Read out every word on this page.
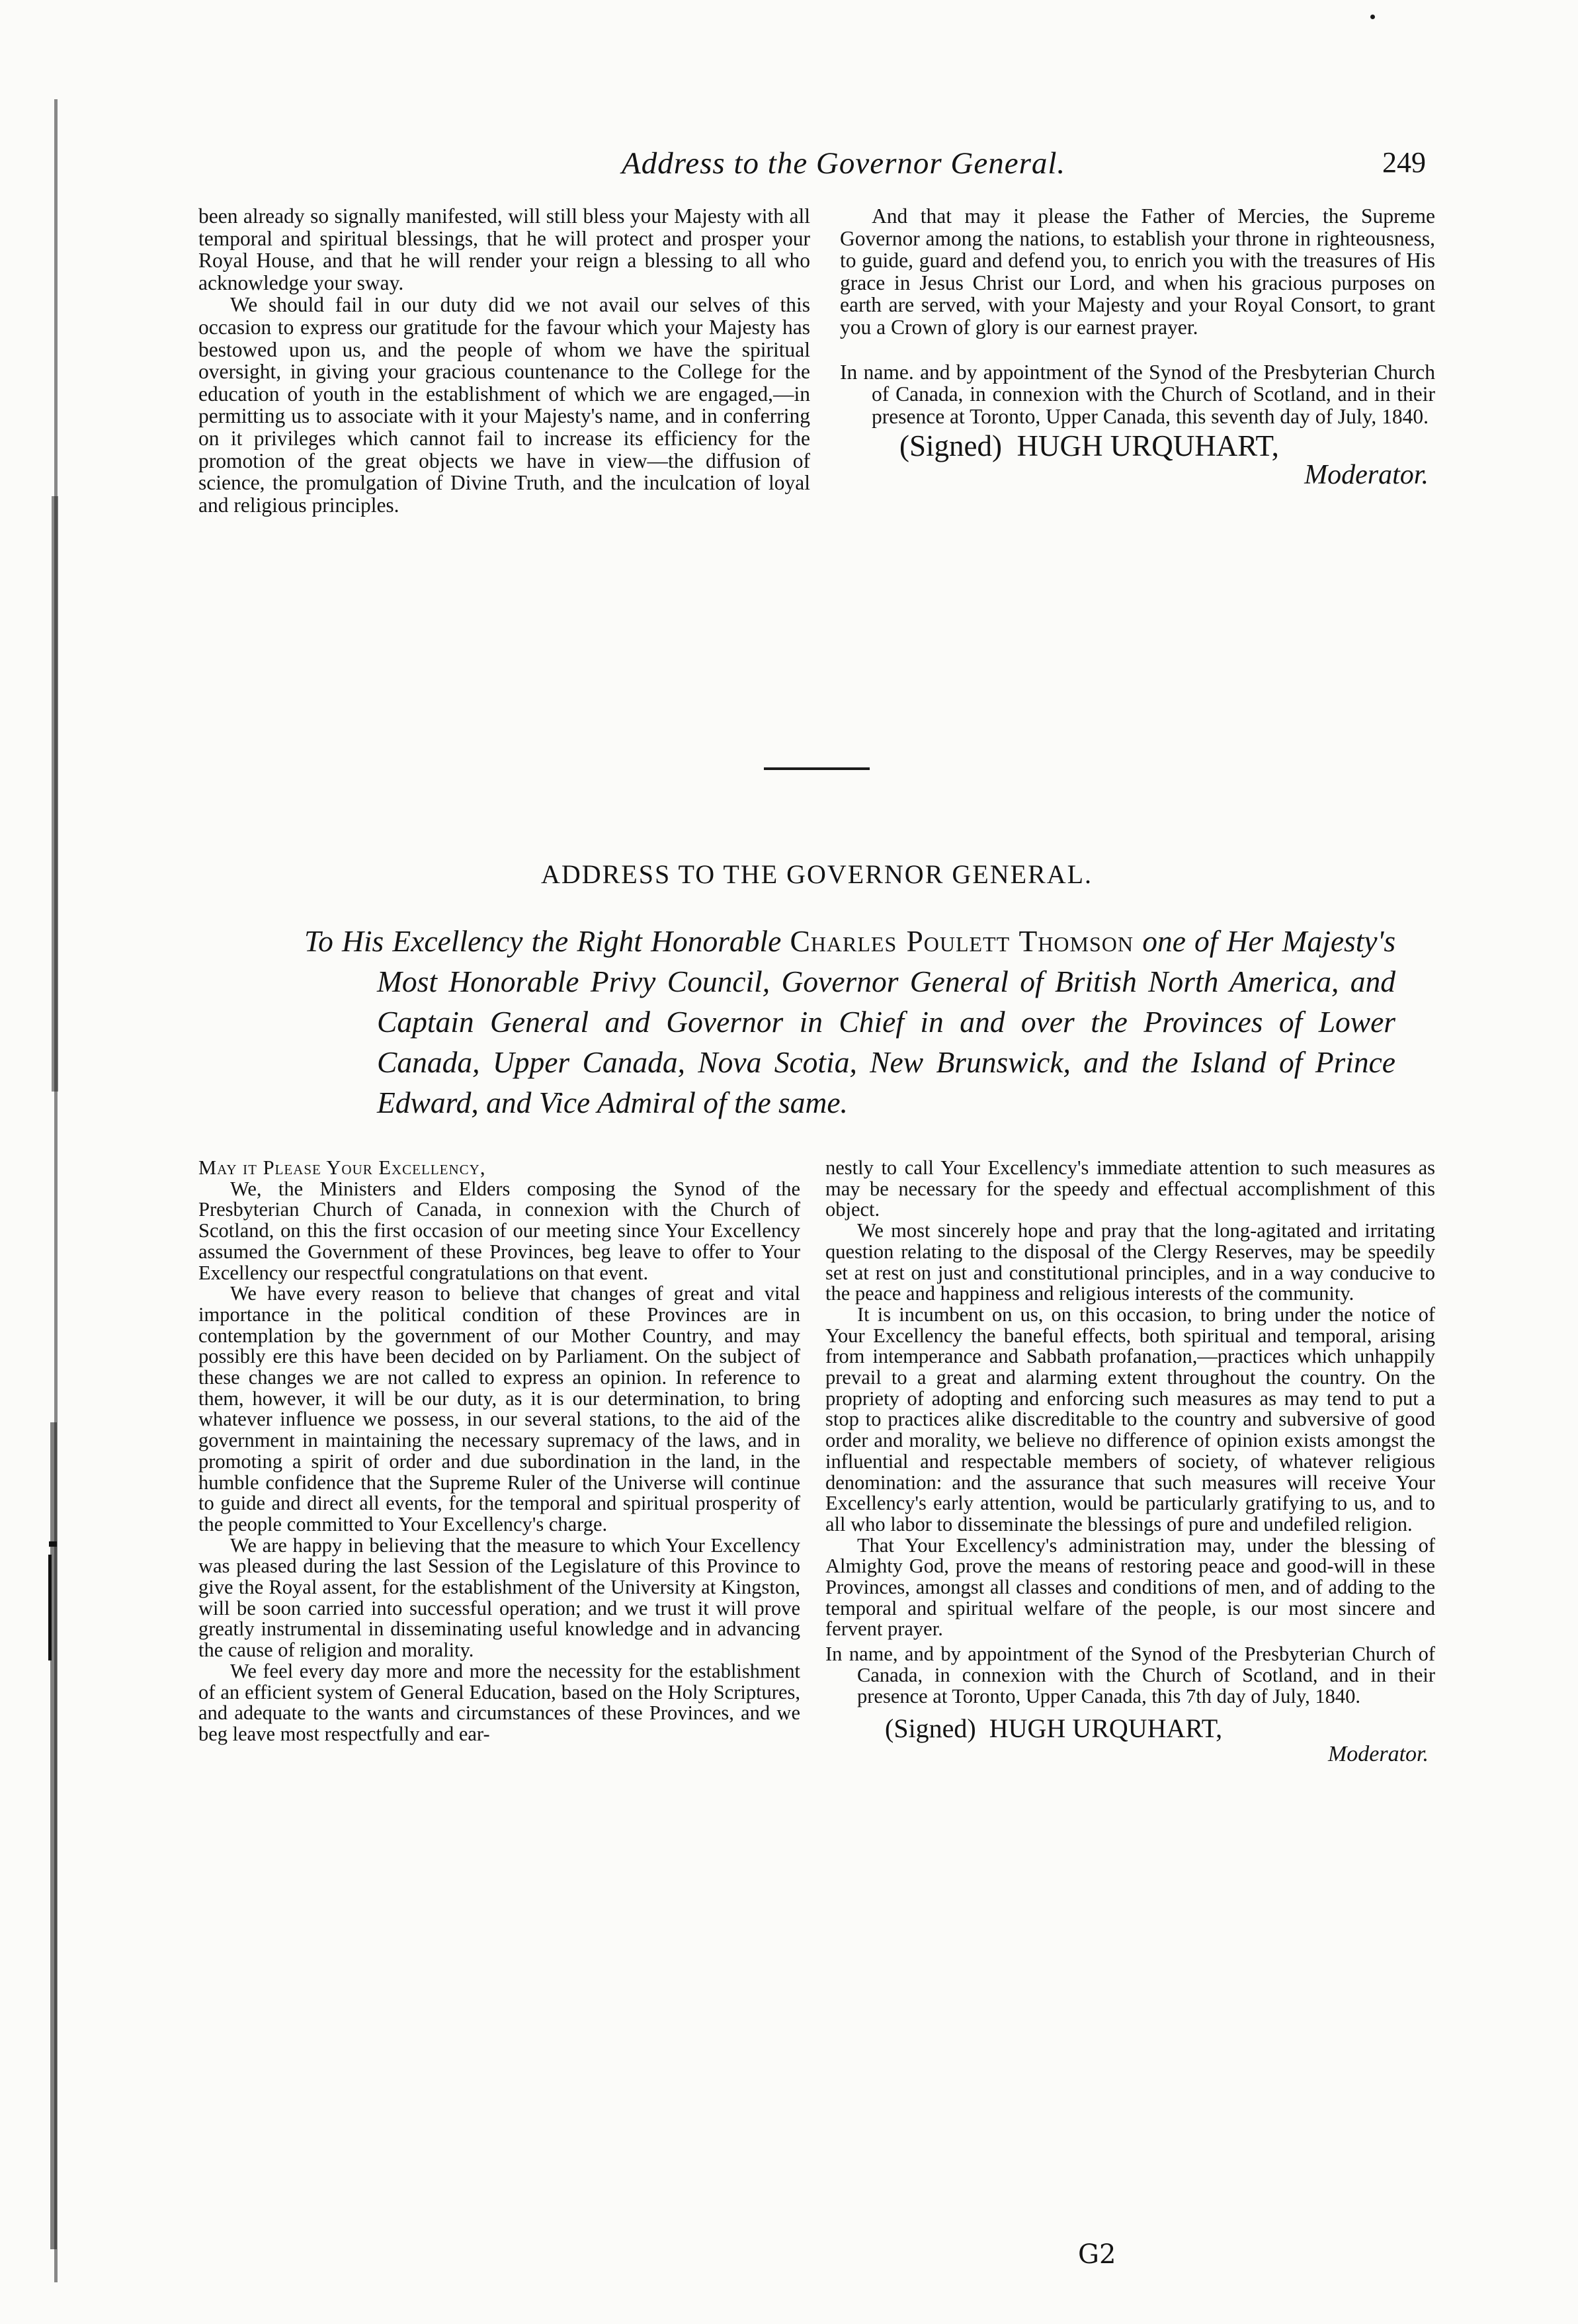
Address to the Governor General.	249

been already so signally manifested, will still bless your Majesty with all temporal and spiritual blessings, that he will protect and prosper your Royal House, and that he will render your reign a blessing to all who acknowledge your sway.

We should fail in our duty did we not avail our selves of this occasion to express our gratitude for the favour which your Majesty has bestowed upon us, and the people of whom we have the spiritual oversight, in giving your gracious countenance to the College for the education of youth in the establishment of which we are engaged,—in permitting us to associate with it your Majesty's name, and in conferring on it privileges which cannot fail to increase its efficiency for the promotion of the great objects we have in view—the diffusion of science, the promulgation of Divine Truth, and the inculcation of loyal and religious principles.

And that may it please the Father of Mercies, the Supreme Governor among the nations, to establish your throne in righteousness, to guide, guard and defend you, to enrich you with the treasures of His grace in Jesus Christ our Lord, and when his gracious purposes on earth are served, with your Majesty and your Royal Consort, to grant you a Crown of glory is our earnest prayer.

In name. and by appointment of the Synod of the Presbyterian Church of Canada, in connexion with the Church of Scotland, and in their presence at Toronto, Upper Canada, this seventh day of July, 1840.

(Signed) HUGH URQUHART,

Moderator.

ADDRESS TO THE GOVERNOR GENERAL.

To His Excellency the Right Honorable Charles Poulett Thomson one of Her Majesty's Most Honorable Privy Council, Governor General of British North America, and Captain General and Governor in Chief in and over the Provinces of Lower Canada, Upper Canada, Nova Scotia, New Brunswick, and the Island of Prince Edward, and Vice Admiral of the same.

May it Please Your Excellency,

We, the Ministers and Elders composing the Synod of the Presbyterian Church of Canada, in connexion with the Church of Scotland, on this the first occasion of our meeting since Your Excellency assumed the Government of these Provinces, beg leave to offer to Your Excellency our respectful congratulations on that event.

We have every reason to believe that changes of great and vital importance in the political condition of these Provinces are in contemplation by the government of our Mother Country, and may possibly ere this have been decided on by Parliament. On the subject of these changes we are not called to express an opinion. In reference to them, however, it will be our duty, as it is our determination, to bring whatever influence we possess, in our several stations, to the aid of the government in maintaining the necessary supremacy of the laws, and in promoting a spirit of order and due subordination in the land, in the humble confidence that the Supreme Ruler of the Universe will continue to guide and direct all events, for the temporal and spiritual prosperity of the people committed to Your Excellency's charge.

We are happy in believing that the measure to which Your Excellency was pleased during the last Session of the Legislature of this Province to give the Royal assent, for the establishment of the University at Kingston, will be soon carried into successful operation; and we trust it will prove greatly instrumental in disseminating useful knowledge and in advancing the cause of religion and morality.

We feel every day more and more the necessity for the establishment of an efficient system of General Education, based on the Holy Scriptures, and adequate to the wants and circumstances of these Provinces, and we beg leave most respectfully and ear-

nestly to call Your Excellency's immediate attention to such measures as may be necessary for the speedy and effectual accomplishment of this object.

We most sincerely hope and pray that the long-agitated and irritating question relating to the disposal of the Clergy Reserves, may be speedily set at rest on just and constitutional principles, and in a way conducive to the peace and happiness and religious interests of the community.

It is incumbent on us, on this occasion, to bring under the notice of Your Excellency the baneful effects, both spiritual and temporal, arising from intemperance and Sabbath profanation,—practices which unhappily prevail to a great and alarming extent throughout the country. On the propriety of adopting and enforcing such measures as may tend to put a stop to practices alike discreditable to the country and subversive of good order and morality, we believe no difference of opinion exists amongst the influential and respectable members of society, of whatever religious denomination: and the assurance that such measures will receive Your Excellency's early attention, would be particularly gratifying to us, and to all who labor to disseminate the blessings of pure and undefiled religion.

That Your Excellency's administration may, under the blessing of Almighty God, prove the means of restoring peace and good-will in these Provinces, amongst all classes and conditions of men, and of adding to the temporal and spiritual welfare of the people, is our most sincere and fervent prayer.

In name, and by appointment of the Synod of the Presbyterian Church of Canada, in connexion with the Church of Scotland, and in their presence at Toronto, Upper Canada, this 7th day of July, 1840.

(Signed) HUGH URQUHART,

Moderator.

G2
